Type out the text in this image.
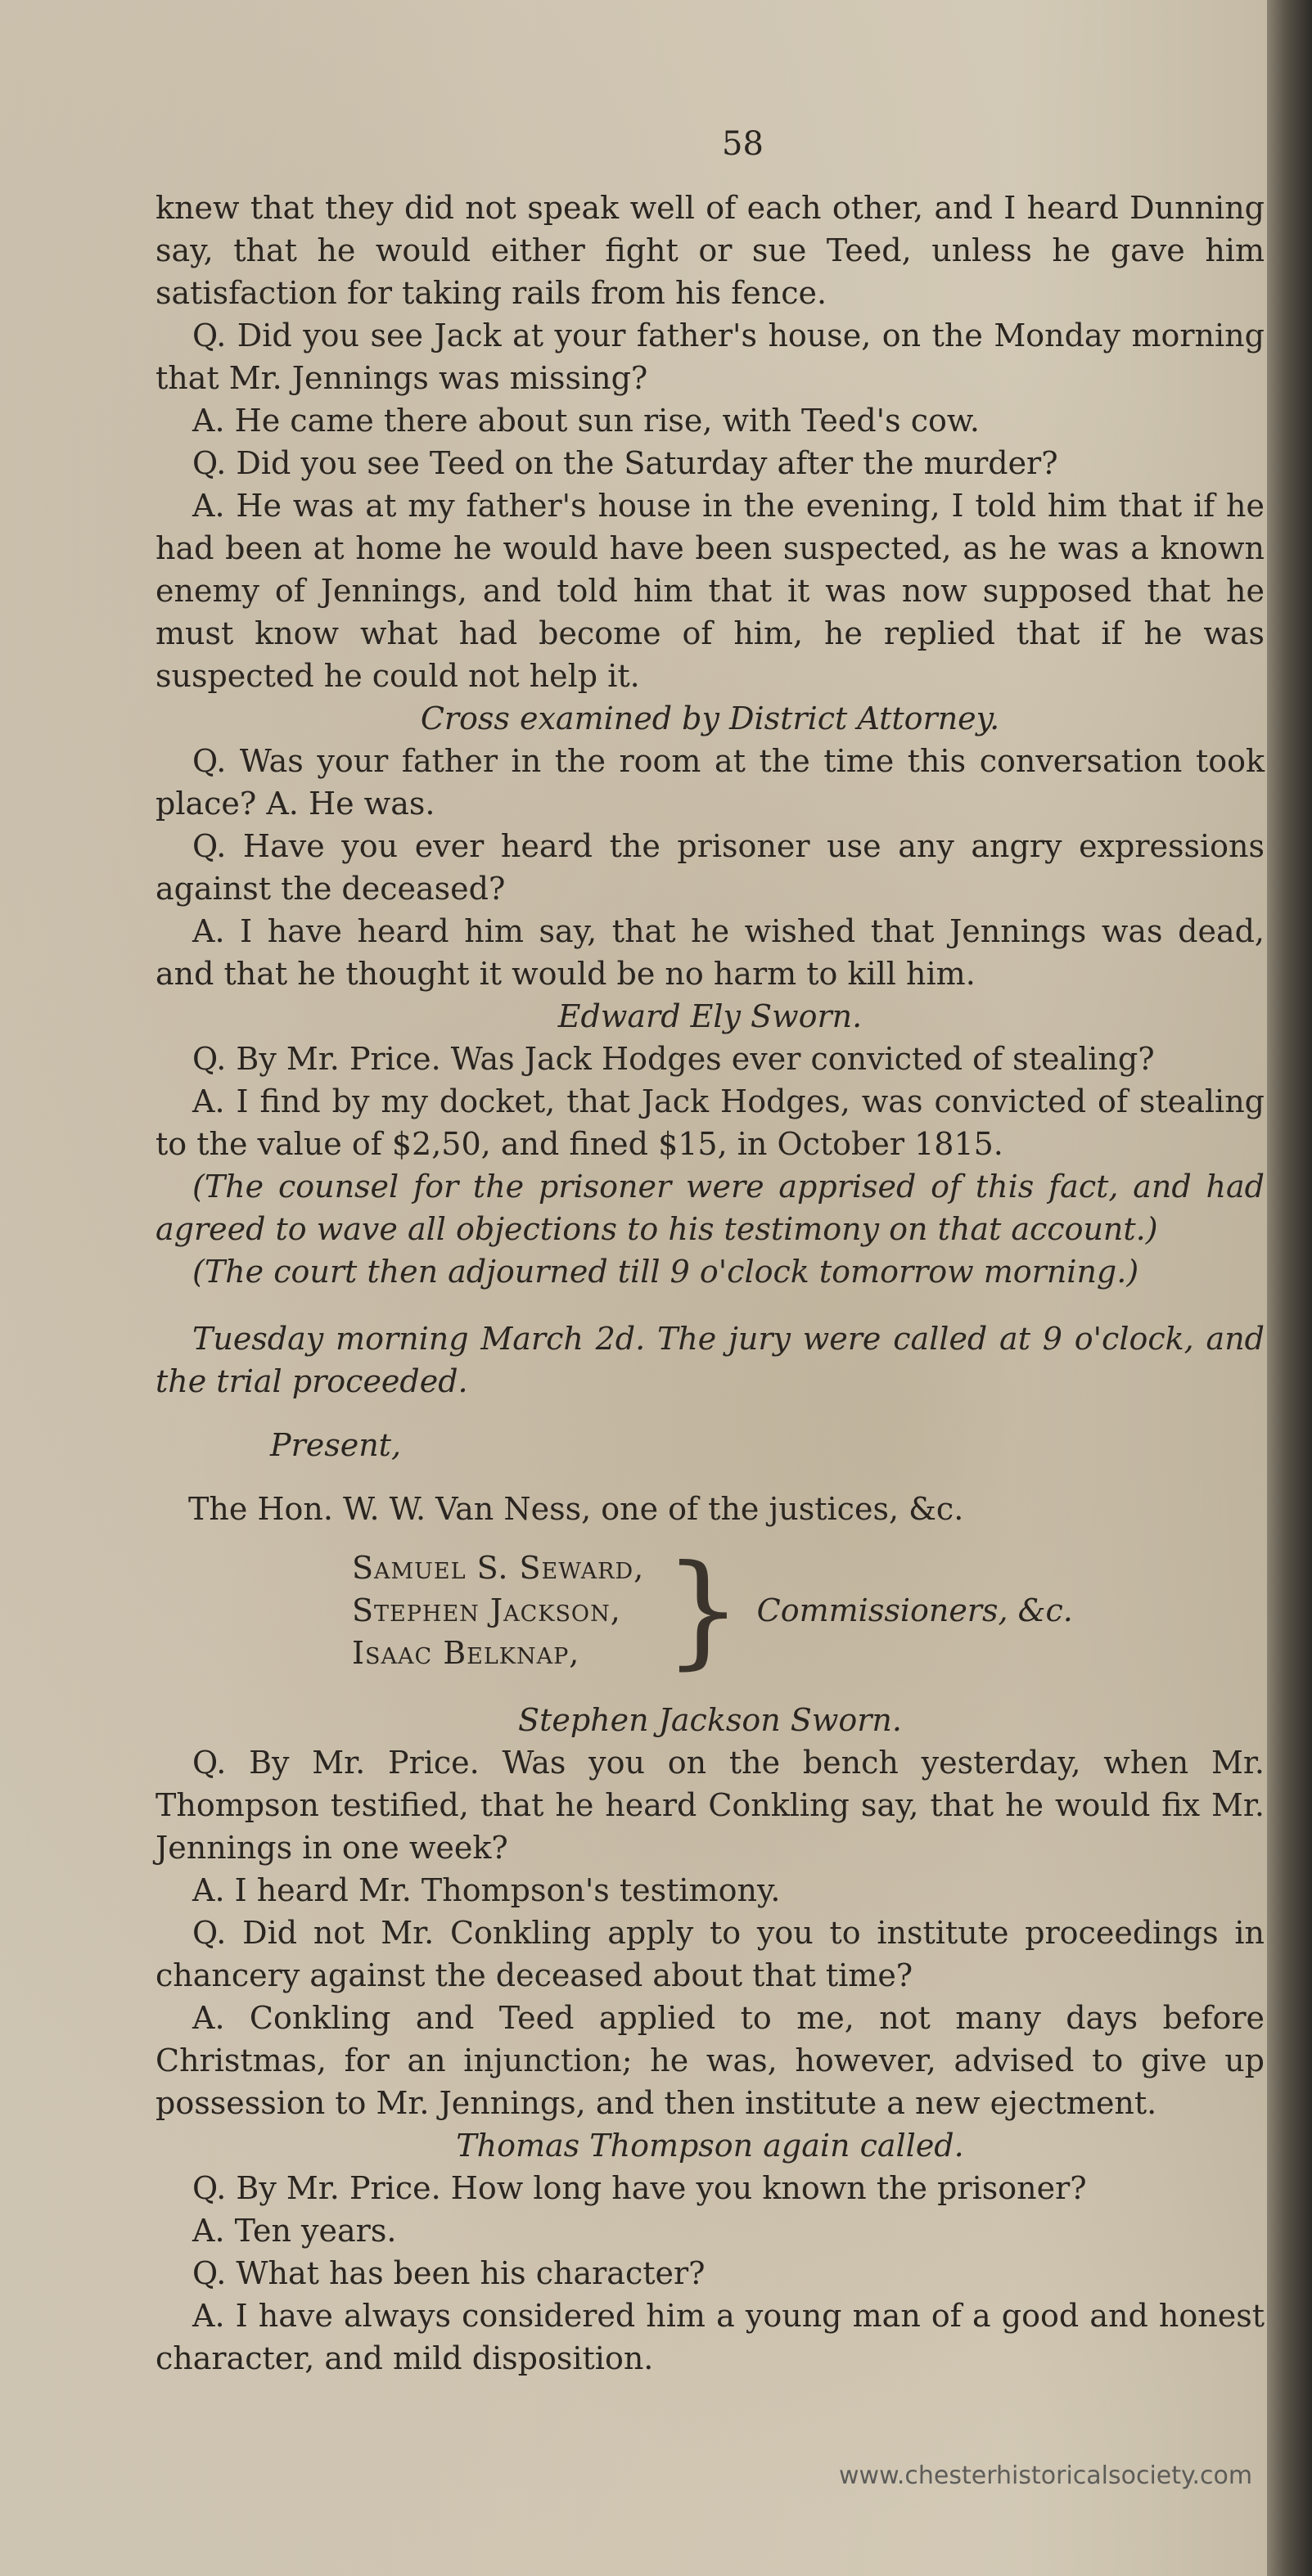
58

knew that they did not speak well of each other, and I heard Dunning say, that he would either fight or sue Teed, unless he gave him satisfaction for taking rails from his fence.

Q. Did you see Jack at your father's house, on the Monday morning that Mr. Jennings was missing?

A. He came there about sun rise, with Teed's cow.

Q. Did you see Teed on the Saturday after the murder?

A. He was at my father's house in the evening, I told him that if he had been at home he would have been suspected, as he was a known enemy of Jennings, and told him that it was now supposed that he must know what had become of him, he replied that if he was suspected he could not help it.

Cross examined by District Attorney.

Q. Was your father in the room at the time this conversation took place? A. He was.

Q. Have you ever heard the prisoner use any angry expressions against the deceased?

A. I have heard him say, that he wished that Jennings was dead, and that he thought it would be no harm to kill him.

Edward Ely Sworn.

Q. By Mr. Price. Was Jack Hodges ever convicted of stealing?

A. I find by my docket, that Jack Hodges, was convicted of stealing to the value of $2,50, and fined $15, in October 1815.

(The counsel for the prisoner were apprised of this fact, and had agreed to wave all objections to his testimony on that account.)

(The court then adjourned till 9 o'clock tomorrow morning.)

Tuesday morning March 2d. The jury were called at 9 o'clock, and the trial proceeded.

Present,
The Hon. W. W. Van Ness, one of the justices, &c.
Samuel S. Seward,
Stephen Jackson,
Isaac Belknap, } Commissioners, &c.

Stephen Jackson Sworn.

Q. By Mr. Price. Was you on the bench yesterday, when Mr. Thompson testified, that he heard Conkling say, that he would fix Mr. Jennings in one week?

A. I heard Mr. Thompson's testimony.

Q. Did not Mr. Conkling apply to you to institute proceedings in chancery against the deceased about that time?

A. Conkling and Teed applied to me, not many days before Christmas, for an injunction; he was, however, advised to give up possession to Mr. Jennings, and then institute a new ejectment.

Thomas Thompson again called.

Q. By Mr. Price. How long have you known the prisoner?

A. Ten years.

Q. What has been his character?

A. I have always considered him a young man of a good and honest character, and mild disposition.

www.chesterhistoricalsociety.com
